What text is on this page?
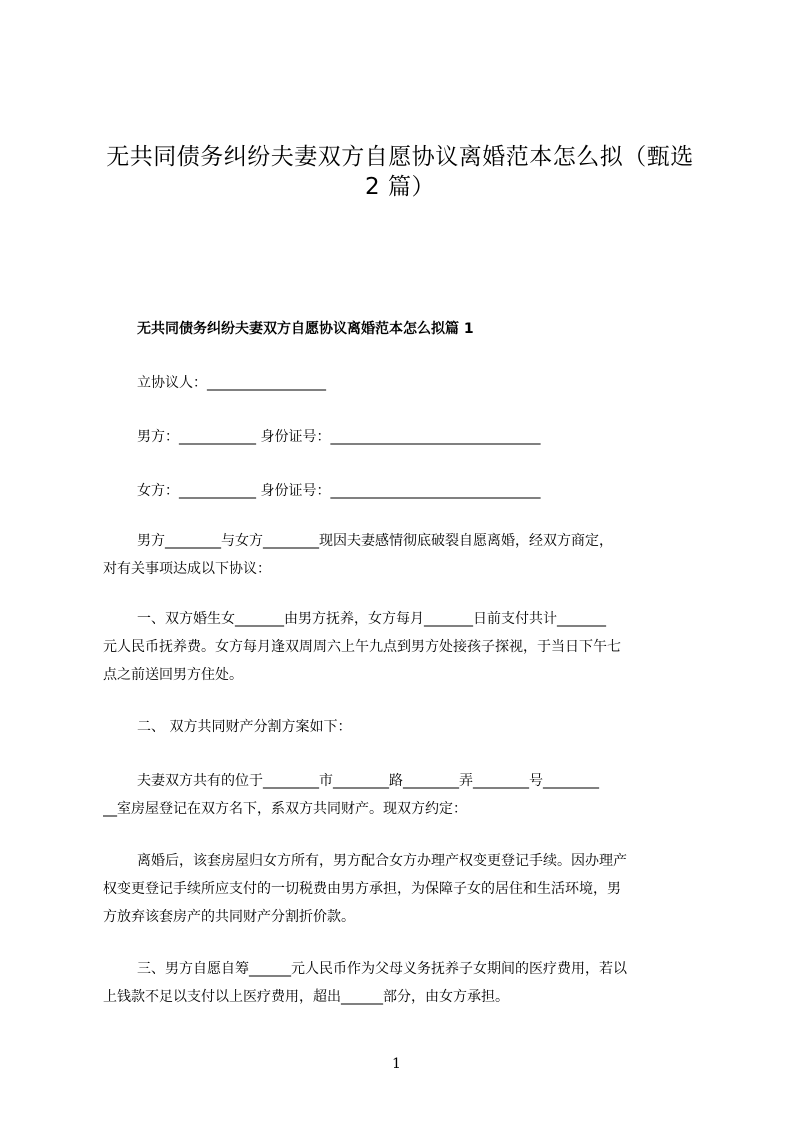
无共同债务纠纷夫妻双方自愿协议离婚范本怎么拟（甄选
2 篇）
无共同债务纠纷夫妻双方自愿协议离婚范本怎么拟篇 1
立协议人：_________________
男方：___________ 身份证号：______________________________
女方：___________ 身份证号：______________________________
男方________与女方________现因夫妻感情彻底破裂自愿离婚，经双方商定，
对有关事项达成以下协议：
一、双方婚生女_______由男方抚养，女方每月_______日前支付共计_______
元人民币抚养费。女方每月逢双周周六上午九点到男方处接孩子探视，于当日下午七
点之前送回男方住处。
二、 双方共同财产分割方案如下：
夫妻双方共有的位于________市________路________弄________号________
__室房屋登记在双方名下，系双方共同财产。现双方约定：
离婚后，该套房屋归女方所有，男方配合女方办理产权变更登记手续。因办理产
权变更登记手续所应支付的一切税费由男方承担，为保障子女的居住和生活环境，男
方放弃该套房产的共同财产分割折价款。
三、男方自愿自筹______元人民币作为父母义务抚养子女期间的医疗费用，若以
上钱款不足以支付以上医疗费用，超出______部分，由女方承担。
1
